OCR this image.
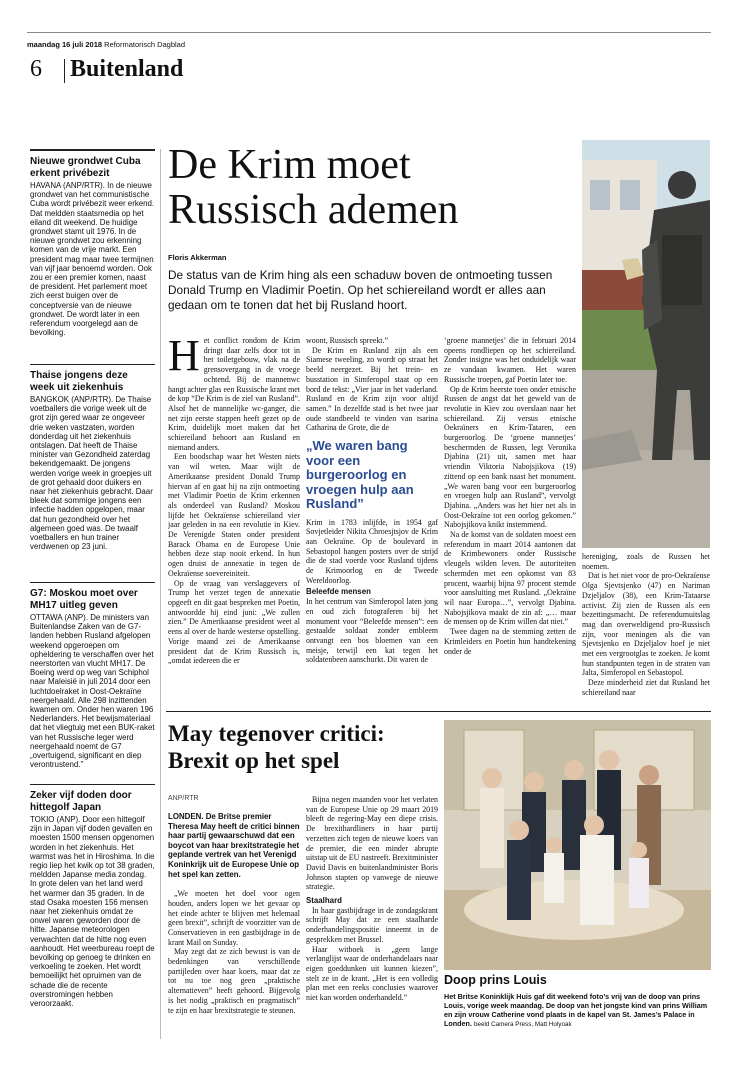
maandag 16 juli 2018 Reformatorisch Dagblad
6 Buitenland
Nieuwe grondwet Cuba erkent privébezit
HAVANA (ANP/RTR). In de nieuwe grondwet van het communistische Cuba wordt privébezit weer erkend. Dat meldden staatsmedia op het eiland dit weekend. De huidige grondwet stamt uit 1976. In de nieuwe grondwet zou erkenning komen van de vrije markt. Een president mag maar twee termijnen van vijf jaar benoemd worden. Ook zou er een premier komen, naast de president. Het parlement moet zich eerst buigen over de conceptversie van de nieuwe grondwet. De wordt later in een referendum voorgelegd aan de bevolking.
Thaise jongens deze week uit ziekenhuis
BANGKOK (ANP/RTR). De Thaise voetballers die vorige week uit de grot zijn gered waar ze ongeveer drie weken vastzaten, worden donderdag uit het ziekenhuis ontslagen. Dat heeft de Thaise minister van Gezondheid zaterdag bekendgemaakt. De jongens werden vorige week in groepjes uit de grot gehaald door duikers en naar het ziekenhuis gebracht. Daar bleek dat sommige jongens een infectie hadden opgelopen, maar dat hun gezondheid over het algemeen goed was. De twaalf voetballers en hun trainer verdwenen op 23 juni.
G7: Moskou moet over MH17 uitleg geven
OTTAWA (ANP). De ministers van Buitenlandse Zaken van de G7-landen hebben Rusland afgelopen weekend opgeroepen om opheldering te verschaffen over het neerstorten van vlucht MH17. De Boeing werd op weg van Schiphol naar Maleisië in juli 2014 door een luchtdoelraket in Oost-Oekraïne neergehaald. Alle 298 inzittenden kwamen om. Onder hen waren 196 Nederlanders. Het bewijsmateriaal dat het vliegtuig met een BUK-raket van het Russische leger werd neergehaald noemt de G7 „overtuigend, significant en diep verontrustend.”
Zeker vijf doden door hittegolf Japan
TOKIO (ANP). Door een hittegolf zijn in Japan vijf doden gevallen en moesten 1500 mensen opgenomen worden in het ziekenhuis. Het warmst was het in Hiroshima. In die regio liep het kwik op tot 38 graden, meldden Japanse media zondag. In grote delen van het land werd het warmer dan 35 graden. In de stad Osaka moesten 156 mensen naar het ziekenhuis omdat ze onwel waren geworden door de hitte. Japanse meteorologen verwachten dat de hitte nog even aanhoudt. Het weerbureau roept de bevolking op genoeg te drinken en verkoeling te zoeken. Het wordt bemoeilijkt het opruimen van de schade die de recente overstromingen hebben veroorzaakt.
De Krim moet Russisch ademen
Floris Akkerman
De status van de Krim hing als een schaduw boven de ontmoeting tussen Donald Trump en Vladimir Poetin. Op het schiereiland wordt er alles aan gedaan om te tonen dat het bij Rusland hoort.
H et conflict rondom de Krim dringt daar zelfs door tot in het toiletgebouw, vlak na de grensovergang in de vroege ochtend. Bij de mannenwc hangt achter glas een Russische krant met de kop “De Krim is de ziel van Rusland”. Alsof het de mannelijke wc-ganger, die net zijn eerste stappen heeft gezet op de Krim, duidelijk moet maken dat het schiereiland behoort aan Rusland en niemand anders.

Een boodschap waar het Westen niets van wil weten. Maar wijlt de Amerikaanse president Donald Trump hiervan af en gaat hij na zijn ontmoeting met Vladimir Poetin de Krim erkennen als onderdeel van Rusland? Moskou lijfde het Oekraïense schiereiland vier jaar geleden in na een revolutie in Kiev. De Verenigde Staten onder president Barack Obama en de Europese Unie hebben deze stap nooit erkend. In hun ogen druist de annexatie in tegen de Oekraïense soevereiniteit.

Op de vraag van verslaggevers of Trump het verzet tegen de annexatie opgeeft en dit gaat bespreken met Poetin, antwoordde hij eind juni: „We zullen zien.” De Amerikaanse president weet al eens al over de harde westerse opstelling. Vorige maand zei de Amerikaanse president dat de Krim Russisch is, „omdat iedereen die er

woont, Russisch spreekt.”

De Krim en Rusland zijn als een Siamese tweeling, zo wordt op straat het beeld neergezet. Bij het trein- en busstation in Simferopol staat op een bord de tekst: „Vier jaar in het vaderland. Rusland en de Krim zijn voor altijd samen.” In dezelfde stad is het twee jaar oude standbeeld te vinden van tsarina Catharina de Grote, die de

„We waren bang voor een burgeroorlog en vroegen hulp aan Rusland”

Krim in 1783 inlijfde, in 1954 gaf Sovjetleider Nikita Chroesjtsjov de Krim aan Oekraïne. Op de boulevard in Sebastopol hangen posters over de strijd die de stad voerde voor Rusland tijdens de Krimoorlog en de Tweede Wereldoorlog.

Beleefde mensen

In het centrum van Simferopol laten jong en oud zich fotograferen bij het monument voor “Beleefde mensen”: een gestaalde soldaat zonder embleem ontvangt een bos bloemen van een meisje, terwijl een kat tegen het soldatenbeen aanschurkt. Dit waren de

‘groene mannetjes’ die in februari 2014 opeens rondliepen op het schiereiland. Zonder insigne was het onduidelijk waar ze vandaan kwamen. Het waren Russische troepen, gaf Poetin later toe.

Op de Krim heerste toen onder etnische Russen de angst dat het geweld van de revolutie in Kiev zou overslaan naar het schiereiland. Zij versus etnische Oekraïners en Krim-Tataren, een burgeroorlog. De ‘groene mannetjes’ beschermden de Russen, legt Veronika Djabina (21) uit, samen met haar vriendin Viktoria Nabojsjikova (19) zittend op een bank naast het monument. „We waren bang voor een burgeroorlog en vroegen hulp aan Rusland”, vervolgt Djabina. „Anders was het hier net als in Oost-Oekraïne tot een oorlog gekomen.” Nabojsjikova knikt instemmend.

Na de komst van de soldaten moest een referendum in maart 2014 aantonen dat de Krimbewoners onder Russische vleugels wilden leven. De autoriteiten schermden met een opkomst van 83 procent, waarbij bijna 97 procent stemde voor aansluiting met Rusland. „Oekraïne wil naar Europa…”, vervolgt Djabina. Nabojsjikova maakt de zin af: „… maar de mensen op de Krim willen dat niet.”

Twee dagen na de stemming zetten de Krimleiders en Poetin hun handtekening onder de

hereniging, zoals de Russen het noemen.

Dat is het niet voor de pro-Oekraïense Olga Sjevtsjenko (47) en Nariman Dzjeljalov (38), een Krim-Tataarse activist. Zij zien de Russen als een bezettingsmacht. De referendumuitslag mag dan overweldigend pro-Russisch zijn, voor meningen als die van Sjevtsjenko en Dzjeljalov hoef je niet met een vergrootglas te zoeken. Je komt hun standpunten tegen in de straten van Jalta, Simferopol en Sebastopol.

Deze minderheid ziet dat Rusland het schiereiland naar

May tegenover critici:
Brexit op het spel
ANP/RTR
LONDEN. De Britse premier Theresa May heeft de critici binnen haar partij gewaarschuwd dat een boycot van haar brexitstrategie het geplande vertrek van het Verenigd Koninkrijk uit de Europese Unie op het spel kan zetten.

„We moeten het doel voor ogen houden, anders lopen we het gevaar op het einde achter te blijven met helemaal geen brexit”, schrijft de voorzitter van de Conservatieven in een gastbijdrage in de krant Mail on Sunday.

May zegt dat ze zich bewust is van de bedenkingen van verschillende partijleden over haar koers, maar dat ze tot nu toe nog geen „praktische alternatieven” heeft gehoord. Bijgevolg is het nodig „praktisch en pragmatisch” te zijn en haar brexitstrategie te steunen.

Bijna negen maanden voor het verlaten van de Europese Unie op 29 maart 2019 bleeft de regering-May een diepe crisis. De brexithardliners in haar partij verzetten zich tegen de nieuwe koers van de premier, die een minder abrupte uitstap uit de EU nastreeft. Brexitminister David Davis en buitenlandminister Boris Johnson stapten op vanwege de nieuwe strategie.

Staalhard

In haar gastbijdrage in de zondagskrant schrijft May dat ze een staalharde onderhandelingspositie inneemt in de gesprekken met Brussel.

Haar witboek is „geen lange verlanglijst waar de onderhandelaars naar eigen goeddunken uit kunnen kiezen”, stelt ze in de krant. „Het is een volledig plan met een reeks conclusies waarover niet kan worden onderhandeld.”

Doop prins Louis
Het Britse Koninklijk Huis gaf dit weekend foto’s vrij van de doop van prins Louis, vorige week maandag. De doop van het jongste kind van prins William en zijn vrouw Catherine vond plaats in de kapel van St. James’s Palace in Londen. beeld Camera Press, Matt Holyoak
